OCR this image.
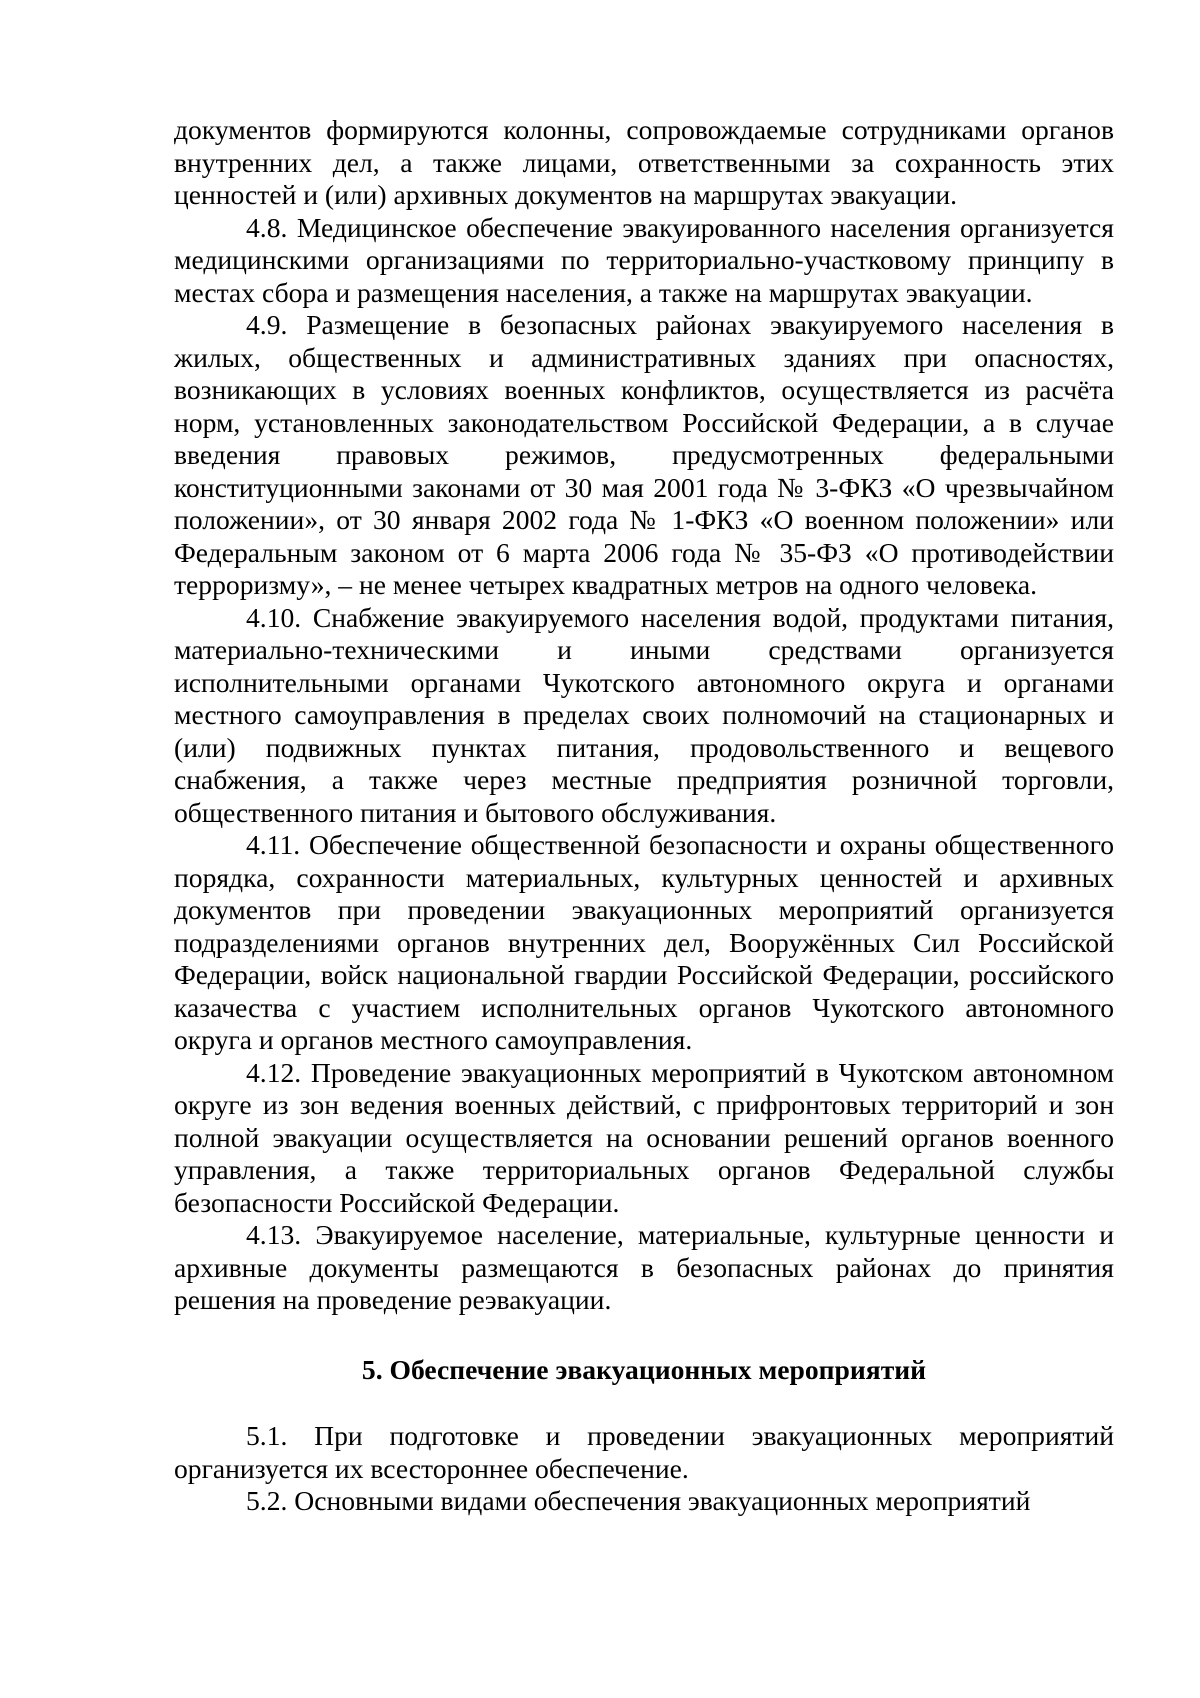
документов формируются колонны, сопровождаемые сотрудниками органов внутренних дел, а также лицами, ответственными за сохранность этих ценностей и (или) архивных документов на маршрутах эвакуации.

4.8. Медицинское обеспечение эвакуированного населения организуется медицинскими организациями по территориально-участковому принципу в местах сбора и размещения населения, а также на маршрутах эвакуации.

4.9. Размещение в безопасных районах эвакуируемого населения в жилых, общественных и административных зданиях при опасностях, возникающих в условиях военных конфликтов, осуществляется из расчёта норм, установленных законодательством Российской Федерации, а в случае введения правовых режимов, предусмотренных федеральными конституционными законами от 30 мая 2001 года № 3-ФКЗ «О чрезвычайном положении», от 30 января 2002 года № 1-ФКЗ «О военном положении» или Федеральным законом от 6 марта 2006 года № 35-ФЗ «О противодействии терроризму», – не менее четырех квадратных метров на одного человека.

4.10. Снабжение эвакуируемого населения водой, продуктами питания, материально-техническими и иными средствами организуется исполнительными органами Чукотского автономного округа и органами местного самоуправления в пределах своих полномочий на стационарных и (или) подвижных пунктах питания, продовольственного и вещевого снабжения, а также через местные предприятия розничной торговли, общественного питания и бытового обслуживания.

4.11. Обеспечение общественной безопасности и охраны общественного порядка, сохранности материальных, культурных ценностей и архивных документов при проведении эвакуационных мероприятий организуется подразделениями органов внутренних дел, Вооружённых Сил Российской Федерации, войск национальной гвардии Российской Федерации, российского казачества с участием исполнительных органов Чукотского автономного округа и органов местного самоуправления.

4.12. Проведение эвакуационных мероприятий в Чукотском автономном округе из зон ведения военных действий, с прифронтовых территорий и зон полной эвакуации осуществляется на основании решений органов военного управления, а также территориальных органов Федеральной службы безопасности Российской Федерации.

4.13. Эвакуируемое население, материальные, культурные ценности и архивные документы размещаются в безопасных районах до принятия решения на проведение реэвакуации.

5. Обеспечение эвакуационных мероприятий

5.1. При подготовке и проведении эвакуационных мероприятий организуется их всестороннее обеспечение.

5.2. Основными видами обеспечения эвакуационных мероприятий
